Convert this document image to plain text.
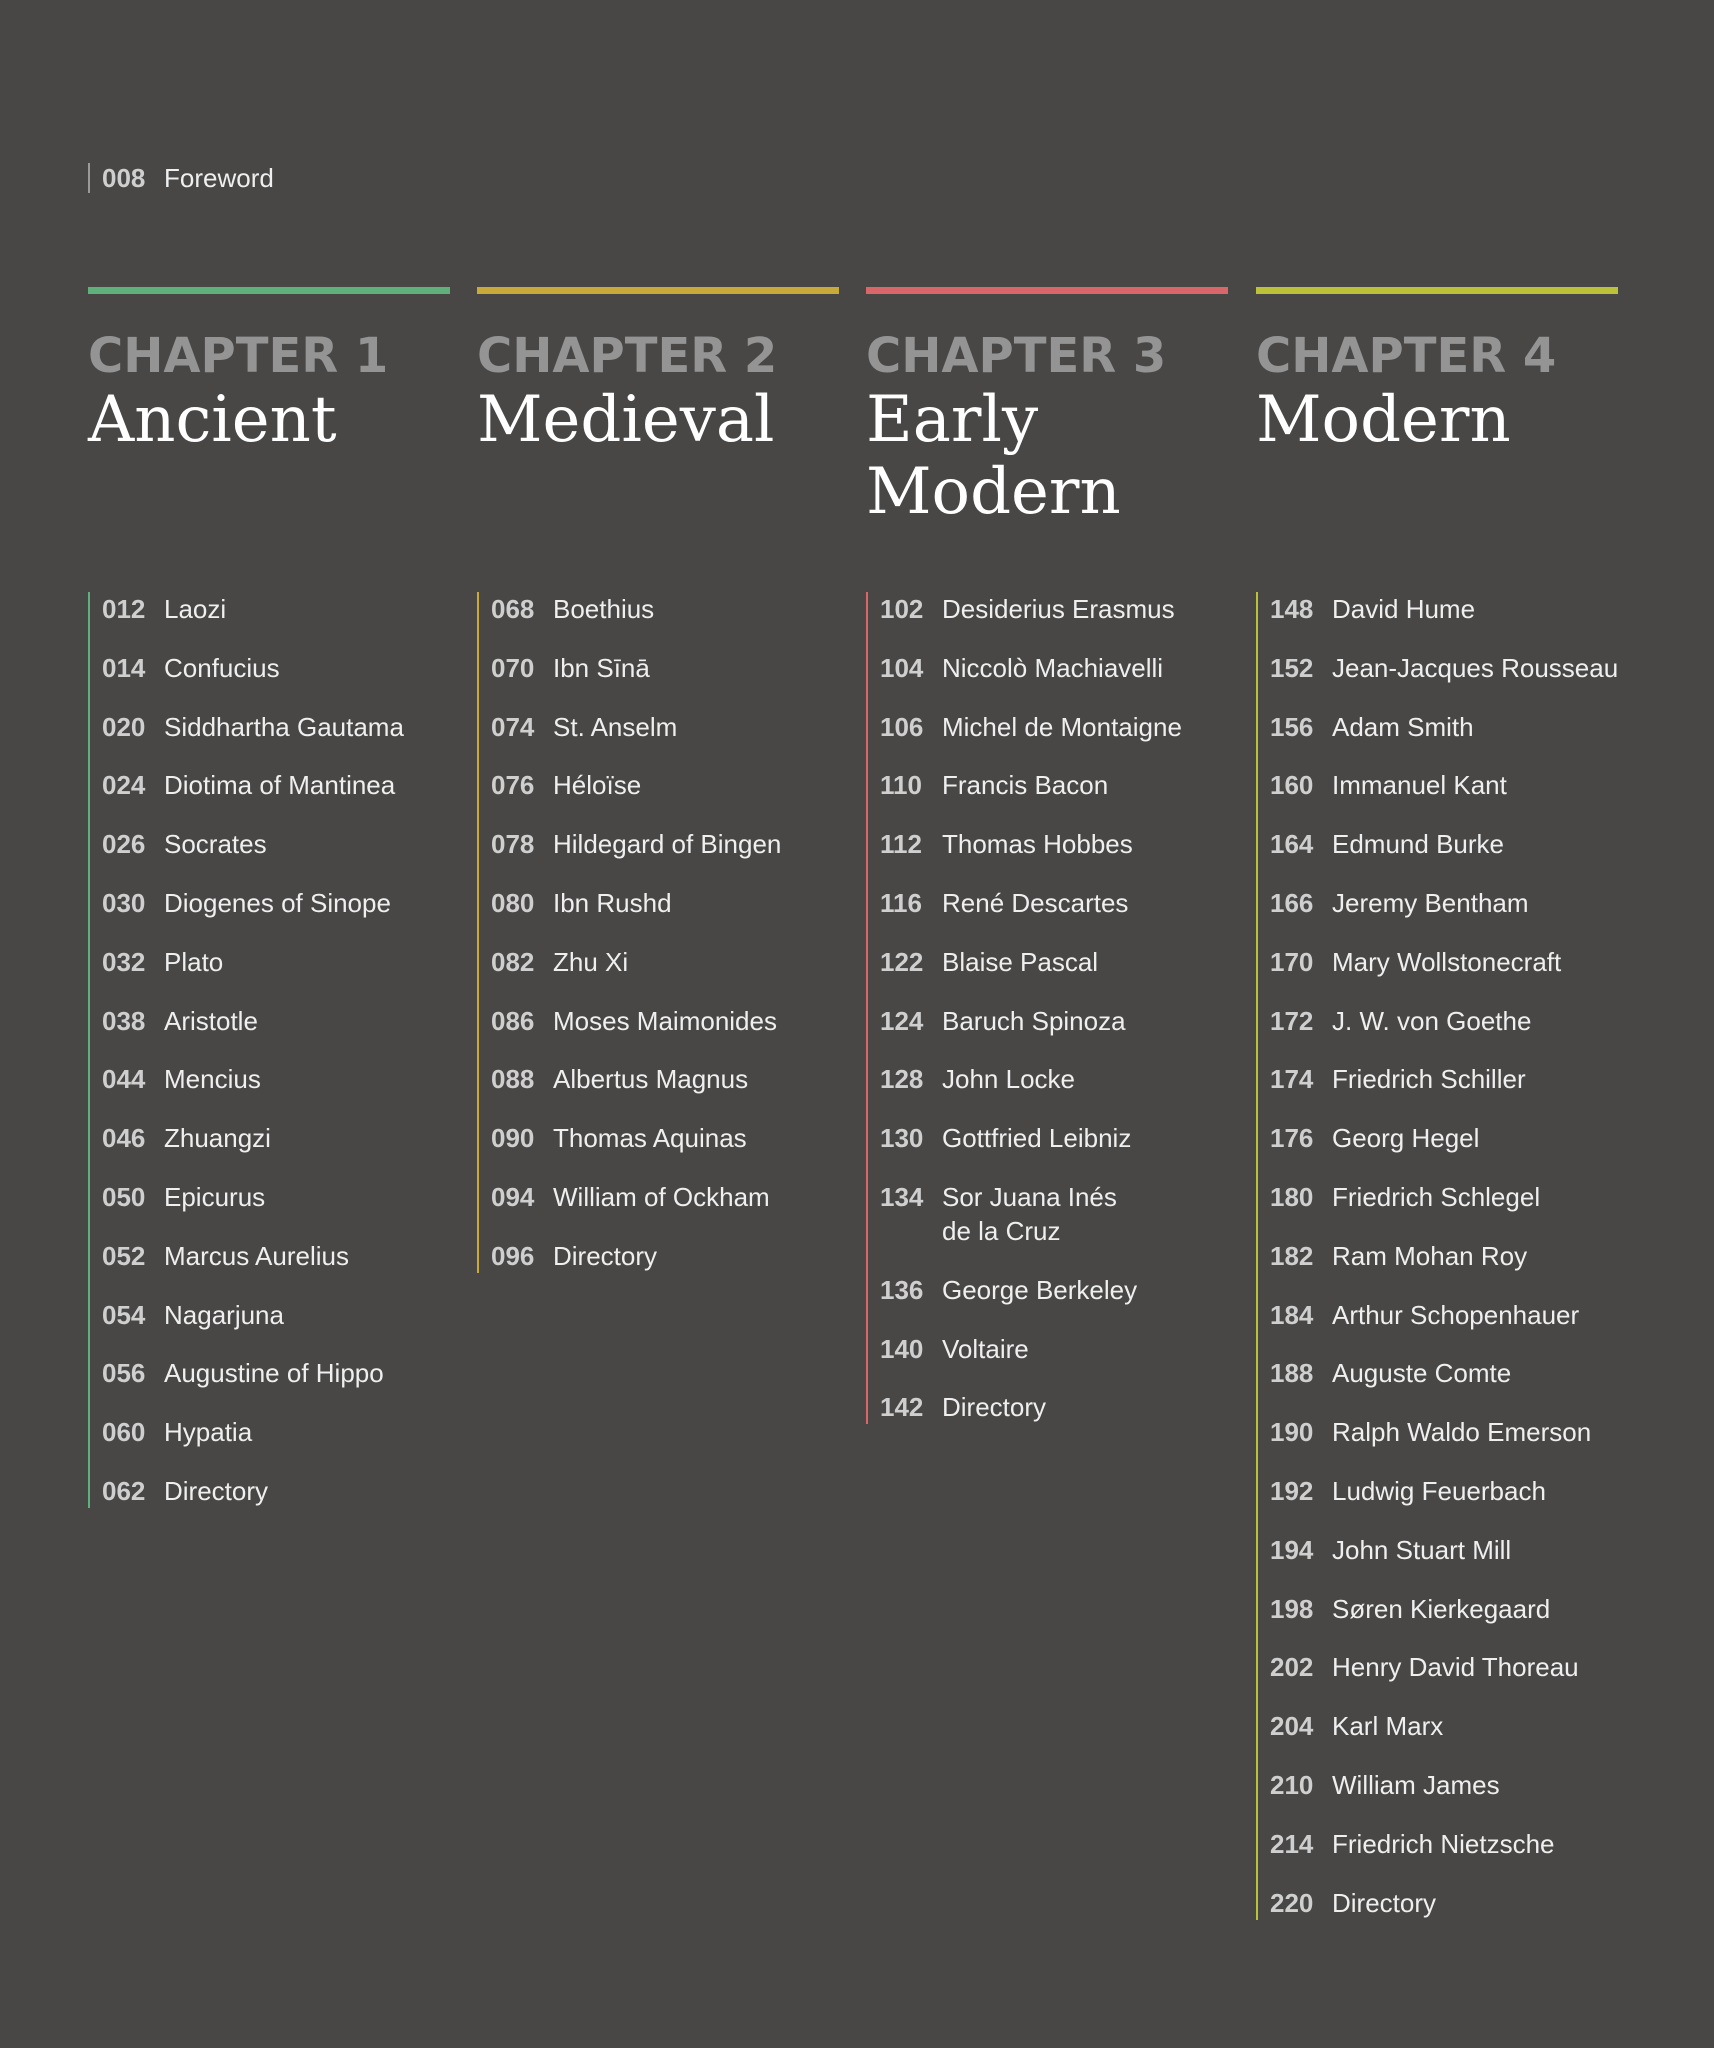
008 Foreword
CHAPTER 1
Ancient
CHAPTER 2
Medieval
CHAPTER 3
Early
Modern
CHAPTER 4
Modern
012 Laozi
014 Confucius
020 Siddhartha Gautama
024 Diotima of Mantinea
026 Socrates
030 Diogenes of Sinope
032 Plato
038 Aristotle
044 Mencius
046 Zhuangzi
050 Epicurus
052 Marcus Aurelius
054 Nagarjuna
056 Augustine of Hippo
060 Hypatia
062 Directory
068 Boethius
070 Ibn Sīnā
074 St. Anselm
076 Héloïse
078 Hildegard of Bingen
080 Ibn Rushd
082 Zhu Xi
086 Moses Maimonides
088 Albertus Magnus
090 Thomas Aquinas
094 William of Ockham
096 Directory
102 Desiderius Erasmus
104 Niccolò Machiavelli
106 Michel de Montaigne
110 Francis Bacon
112 Thomas Hobbes
116 René Descartes
122 Blaise Pascal
124 Baruch Spinoza
128 John Locke
130 Gottfried Leibniz
134 Sor Juana Inés
de la Cruz
136 George Berkeley
140 Voltaire
142 Directory
148 David Hume
152 Jean-Jacques Rousseau
156 Adam Smith
160 Immanuel Kant
164 Edmund Burke
166 Jeremy Bentham
170 Mary Wollstonecraft
172 J. W. von Goethe
174 Friedrich Schiller
176 Georg Hegel
180 Friedrich Schlegel
182 Ram Mohan Roy
184 Arthur Schopenhauer
188 Auguste Comte
190 Ralph Waldo Emerson
192 Ludwig Feuerbach
194 John Stuart Mill
198 Søren Kierkegaard
202 Henry David Thoreau
204 Karl Marx
210 William James
214 Friedrich Nietzsche
220 Directory
